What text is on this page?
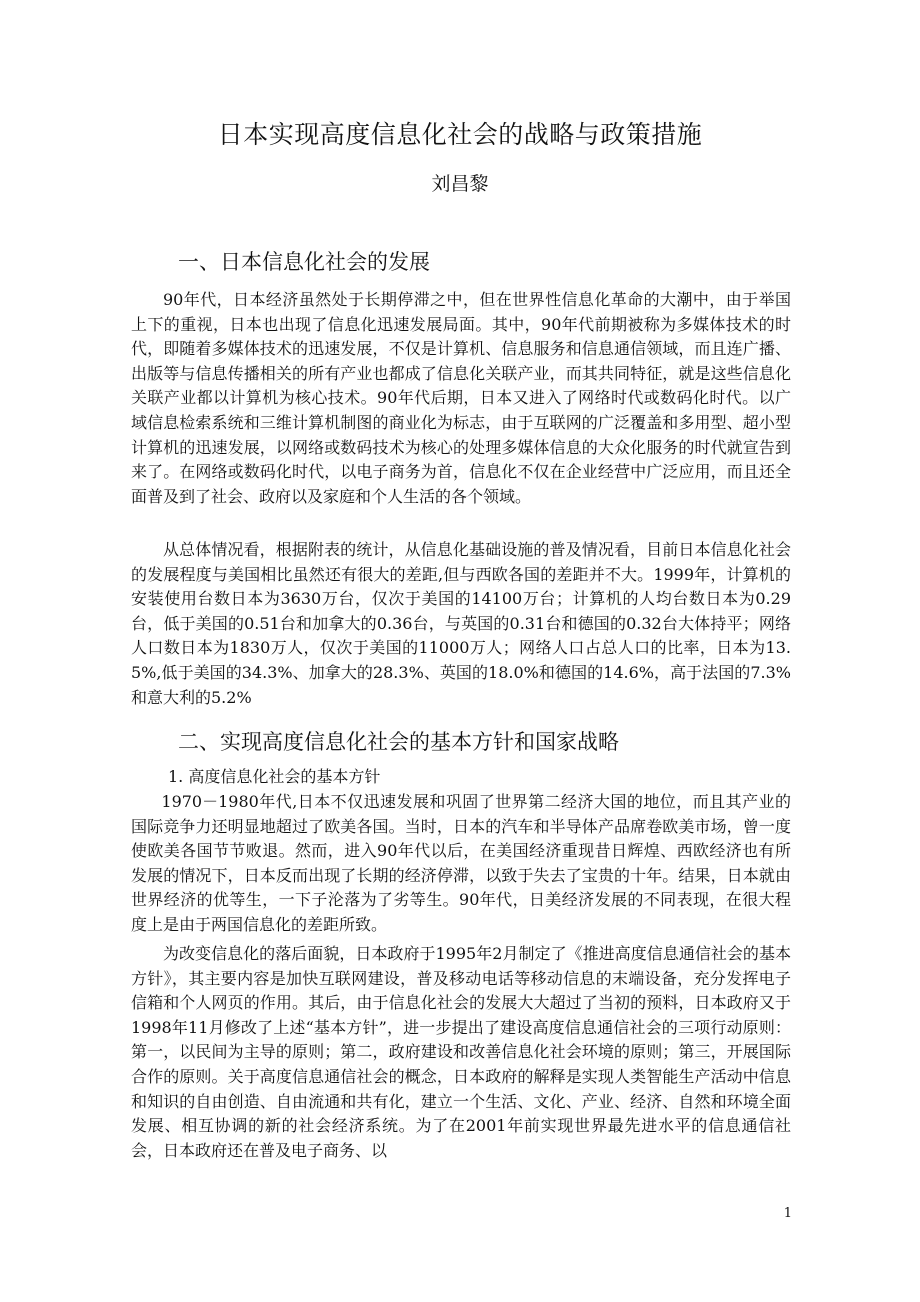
日本实现高度信息化社会的战略与政策措施
刘昌黎
一、日本信息化社会的发展
90年代，日本经济虽然处于长期停滞之中，但在世界性信息化革命的大潮中，由于举国上下的重视，日本也出现了信息化迅速发展局面。其中，90年代前期被称为多媒体技术的时代，即随着多媒体技术的迅速发展，不仅是计算机、信息服务和信息通信领域，而且连广播、出版等与信息传播相关的所有产业也都成了信息化关联产业，而其共同特征，就是这些信息化关联产业都以计算机为核心技术。90年代后期，日本又进入了网络时代或数码化时代。以广域信息检索系统和三维计算机制图的商业化为标志，由于互联网的广泛覆盖和多用型、超小型计算机的迅速发展，以网络或数码技术为核心的处理多媒体信息的大众化服务的时代就宣告到来了。在网络或数码化时代，以电子商务为首，信息化不仅在企业经营中广泛应用，而且还全面普及到了社会、政府以及家庭和个人生活的各个领域。
从总体情况看，根据附表的统计，从信息化基础设施的普及情况看，目前日本信息化社会的发展程度与美国相比虽然还有很大的差距,但与西欧各国的差距并不大。1999年，计算机的安装使用台数日本为3630万台，仅次于美国的14100万台；计算机的人均台数日本为0.29台，低于美国的0.51台和加拿大的0.36台，与英国的0.31台和德国的0.32台大体持平；网络人口数日本为1830万人，仅次于美国的11000万人；网络人口占总人口的比率，日本为13.5%,低于美国的34.3%、加拿大的28.3%、英国的18.0%和德国的14.6%，高于法国的7.3%和意大利的5.2%
二、实现高度信息化社会的基本方针和国家战略
1. 高度信息化社会的基本方针
1970－1980年代,日本不仅迅速发展和巩固了世界第二经济大国的地位，而且其产业的国际竞争力还明显地超过了欧美各国。当时，日本的汽车和半导体产品席卷欧美市场，曾一度使欧美各国节节败退。然而，进入90年代以后，在美国经济重现昔日辉煌、西欧经济也有所发展的情况下，日本反而出现了长期的经济停滞，以致于失去了宝贵的十年。结果，日本就由世界经济的优等生，一下子沦落为了劣等生。90年代，日美经济发展的不同表现，在很大程度上是由于两国信息化的差距所致。
为改变信息化的落后面貌，日本政府于1995年2月制定了《推进高度信息通信社会的基本方针》，其主要内容是加快互联网建设，普及移动电话等移动信息的末端设备，充分发挥电子信箱和个人网页的作用。其后，由于信息化社会的发展大大超过了当初的预料，日本政府又于1998年11月修改了上述“基本方针”，进一步提出了建设高度信息通信社会的三项行动原则：第一，以民间为主导的原则；第二，政府建设和改善信息化社会环境的原则；第三，开展国际合作的原则。关于高度信息通信社会的概念，日本政府的解释是实现人类智能生产活动中信息和知识的自由创造、自由流通和共有化，建立一个生活、文化、产业、经济、自然和环境全面发展、相互协调的新的社会经济系统。为了在2001年前实现世界最先进水平的信息通信社会，日本政府还在普及电子商务、以
1
